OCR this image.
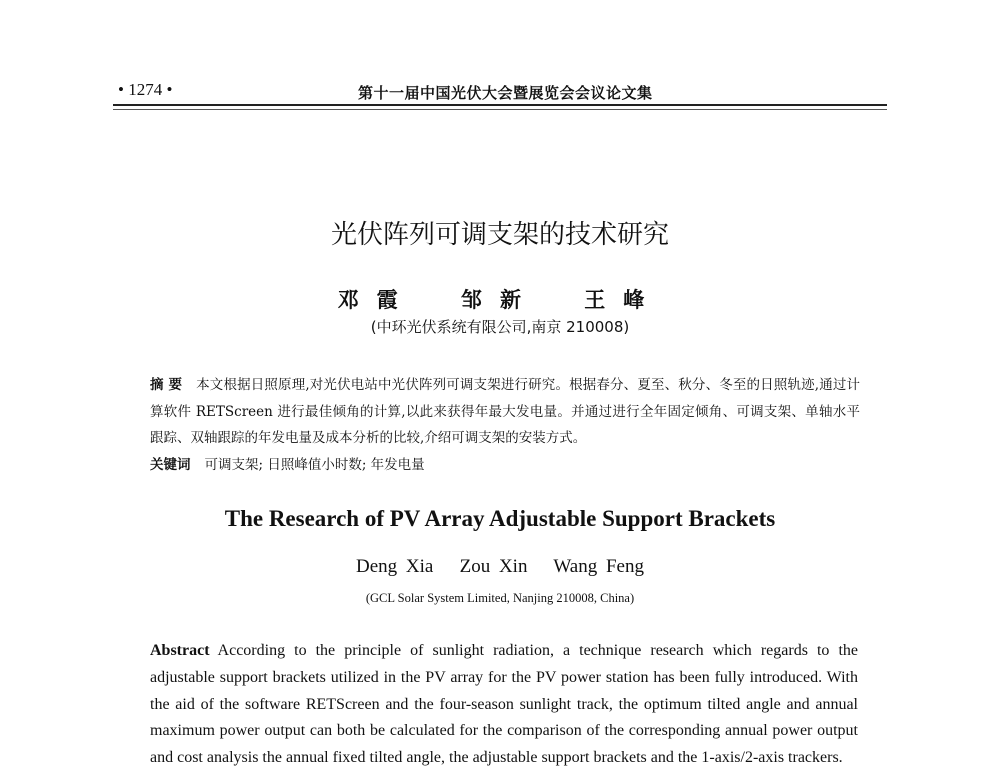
• 1274 •	第十一届中国光伏大会暨展览会会议论文集
光伏阵列可调支架的技术研究
邓霞 邹新 王峰
(中环光伏系统有限公司,南京 210008)
摘 要 本文根据日照原理,对光伏电站中光伏阵列可调支架进行研究。根据春分、夏至、秋分、冬至的日照轨迹,通过计算软件 RETScreen 进行最佳倾角的计算,以此来获得年最大发电量。并通过进行全年固定倾角、可调支架、单轴水平跟踪、双轴跟踪的年发电量及成本分析的比较,介绍可调支架的安装方式。
关键词 可调支架; 日照峰值小时数; 年发电量
The Research of PV Array Adjustable Support Brackets
Deng Xia   Zou Xin   Wang Feng
(GCL Solar System Limited, Nanjing 210008, China)
Abstract According to the principle of sunlight radiation, a technique research which regards to the adjustable support brackets utilized in the PV array for the PV power station has been fully introduced. With the aid of the software RETScreen and the four-season sunlight track, the optimum tilted angle and annual maximum power output can both be calculated for the comparison of the corresponding annual power output and cost analysis the annual fixed tilted angle, the adjustable support brackets and the 1-axis/2-axis trackers.
